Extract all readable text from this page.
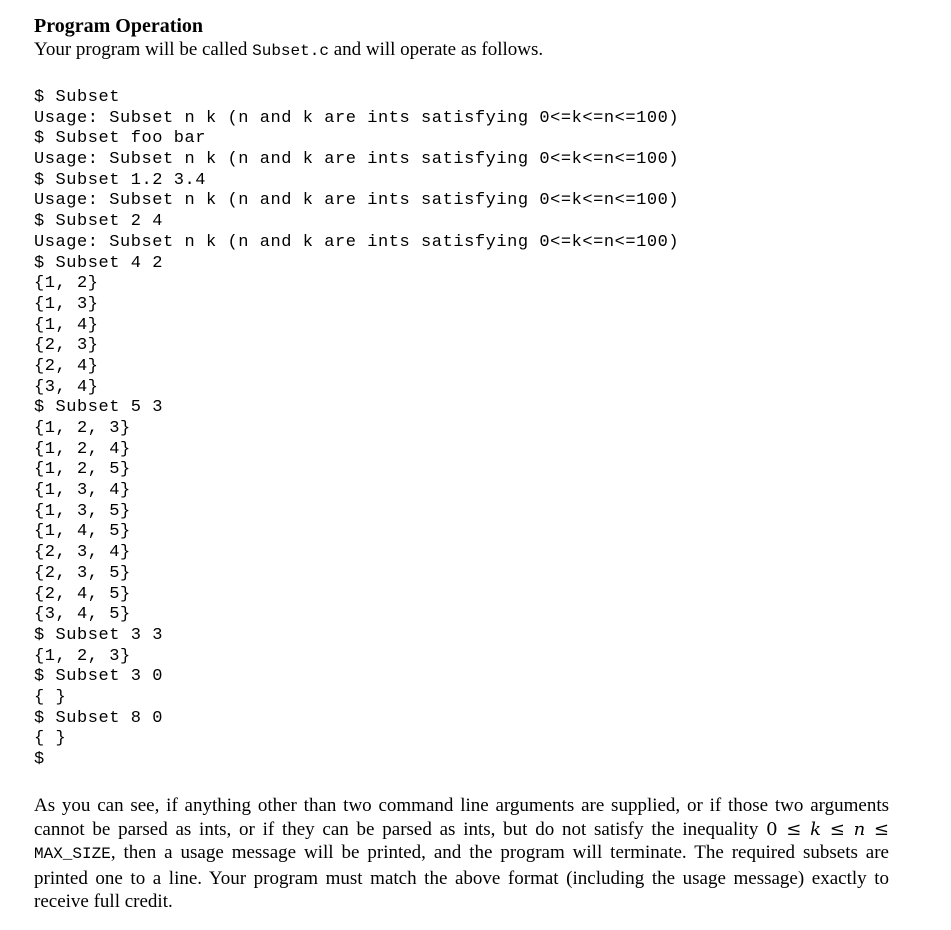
Program Operation

Your program will be called Subset.c and will operate as follows.

$ Subset
Usage: Subset n k (n and k are ints satisfying 0<=k<=n<=100)
$ Subset foo bar
Usage: Subset n k (n and k are ints satisfying 0<=k<=n<=100)
$ Subset 1.2 3.4
Usage: Subset n k (n and k are ints satisfying 0<=k<=n<=100)
$ Subset 2 4
Usage: Subset n k (n and k are ints satisfying 0<=k<=n<=100)
$ Subset 4 2
{1, 2}
{1, 3}
{1, 4}
{2, 3}
{2, 4}
{3, 4}
$ Subset 5 3
{1, 2, 3}
{1, 2, 4}
{1, 2, 5}
{1, 3, 4}
{1, 3, 5}
{1, 4, 5}
{2, 3, 4}
{2, 3, 5}
{2, 4, 5}
{3, 4, 5}
$ Subset 3 3
{1, 2, 3}
$ Subset 3 0
{ }
$ Subset 8 0
{ }
$

As you can see, if anything other than two command line arguments are supplied, or if those two arguments cannot be parsed as ints, or if they can be parsed as ints, but do not satisfy the inequality 0 ≤ k ≤ n ≤ MAX_SIZE, then a usage message will be printed, and the program will terminate. The required subsets are printed one to a line. Your program must match the above format (including the usage message) exactly to receive full credit.
